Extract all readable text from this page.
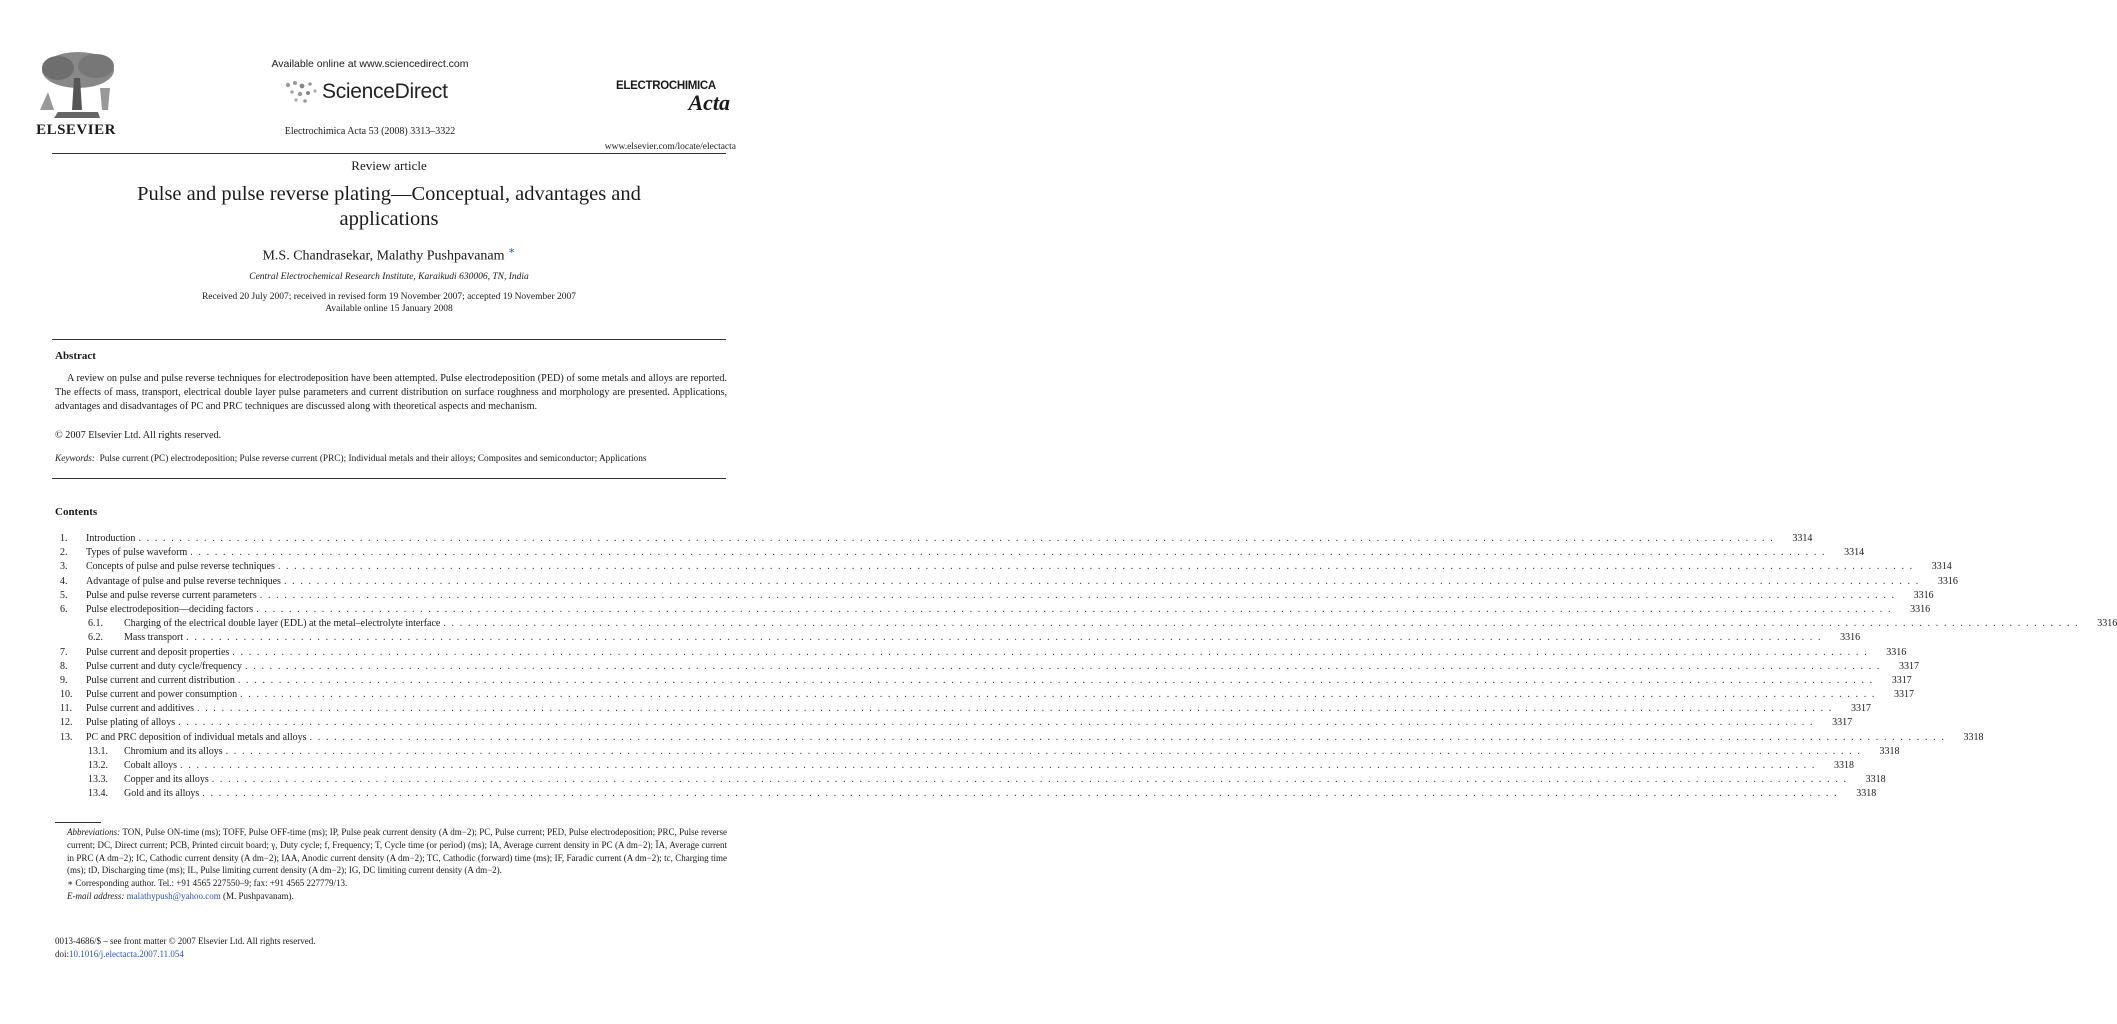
ELSEVIER
Available online at www.sciencedirect.com
ScienceDirect
Electrochimica Acta 53 (2008) 3313–3322
ELECTROCHIMICA
Acta
www.elsevier.com/locate/electacta
Review article
Pulse and pulse reverse plating—Conceptual, advantages and applications
M.S. Chandrasekar, Malathy Pushpavanam ∗
Central Electrochemical Research Institute, Karaikudi 630006, TN, India
Received 20 July 2007; received in revised form 19 November 2007; accepted 19 November 2007
Available online 15 January 2008
Abstract
A review on pulse and pulse reverse techniques for electrodeposition have been attempted. Pulse electrodeposition (PED) of some metals and alloys are reported. The effects of mass, transport, electrical double layer pulse parameters and current distribution on surface roughness and morphology are presented. Applications, advantages and disadvantages of PC and PRC techniques are discussed along with theoretical aspects and mechanism.
© 2007 Elsevier Ltd. All rights reserved.
Keywords: Pulse current (PC) electrodeposition; Pulse reverse current (PRC); Individual metals and their alloys; Composites and semiconductor; Applications
Contents
1.	Introduction . . . . . . . . . . . . . . . . . . . . . . . . . . . . . . . . . . . . . . . . . . . . . . . . . . . . . . . . . . . . . . . . . . . . . . . . . . . . . . . . . . . . . . . . . . . . . . . . . . . . . . . . . . . . . . . . . . . . . . . . . . . . . . . . . . . . . . . . . . . . . . . . . . . . . . . . . . . . . . . . . . . . . . . . . . . . . . . . . . . . . . . . . . . . . . . . . . . . . . . .	3314
2.	Types of pulse waveform . . . . . . . . . . . . . . . . . . . . . . . . . . . . . . . . . . . . . . . . . . . . . . . . . . . . . . . . . . . . . . . . . . . . . . . . . . . . . . . . . . . . . . . . . . . . . . . . . . . . . . . . . . . . . . . . . . . . . . . . . . . . . . . . . . . . . . . . . . . . . . . . . . . . . . . . . . . . . . . . . . . . . . . . . . . . . . . . . . . . . . . . . . . . . . . . . . . . . . . .	3314
3.	Concepts of pulse and pulse reverse techniques . . . . . . . . . . . . . . . . . . . . . . . . . . . . . . . . . . . . . . . . . . . . . . . . . . . . . . . . . . . . . . . . . . . . . . . . . . . . . . . . . . . . . . . . . . . . . . . . . . . . . . . . . . . . . . . . . . . . . . . . . . . . . . . . . . . . . . . . . . . . . . . . . . . . . . . . . . . . . . . . . . . . . . . . . . . . . . . . . . . . . . . . . . . . . . . . . . . . . . . .	3314
4.	Advantage of pulse and pulse reverse techniques . . . . . . . . . . . . . . . . . . . . . . . . . . . . . . . . . . . . . . . . . . . . . . . . . . . . . . . . . . . . . . . . . . . . . . . . . . . . . . . . . . . . . . . . . . . . . . . . . . . . . . . . . . . . . . . . . . . . . . . . . . . . . . . . . . . . . . . . . . . . . . . . . . . . . . . . . . . . . . . . . . . . . . . . . . . . . . . . . . . . . . . . . . . . . . . . . . . . . . . .	3316
5.	Pulse and pulse reverse current parameters . . . . . . . . . . . . . . . . . . . . . . . . . . . . . . . . . . . . . . . . . . . . . . . . . . . . . . . . . . . . . . . . . . . . . . . . . . . . . . . . . . . . . . . . . . . . . . . . . . . . . . . . . . . . . . . . . . . . . . . . . . . . . . . . . . . . . . . . . . . . . . . . . . . . . . . . . . . . . . . . . . . . . . . . . . . . . . . . . . . . . . . . . . . . . . . . . . . . . . . .	3316
6.	Pulse electrodeposition—deciding factors . . . . . . . . . . . . . . . . . . . . . . . . . . . . . . . . . . . . . . . . . . . . . . . . . . . . . . . . . . . . . . . . . . . . . . . . . . . . . . . . . . . . . . . . . . . . . . . . . . . . . . . . . . . . . . . . . . . . . . . . . . . . . . . . . . . . . . . . . . . . . . . . . . . . . . . . . . . . . . . . . . . . . . . . . . . . . . . . . . . . . . . . . . . . . . . . . . . . . . . .	3316
6.1.	Charging of the electrical double layer (EDL) at the metal–electrolyte interface . . . . . . . . . . . . . . . . . . . . . . . . . . . . . . . . . . . . . . . . . . . . . . . . . . . . . . . . . . . . . . . . . . . . . . . . . . . . . . . . . . . . . . . . . . . . . . . . . . . . . . . . . . . . . . . . . . . . . . . . . . . . . . . . . . . . . . . . . . . . . . . . . . . . . . . . . . . . . . . . . . . . . . . . . . . . . . . . . . . . . . . . . . . . . . . . . . . . . . . .	3316
6.2.	Mass transport . . . . . . . . . . . . . . . . . . . . . . . . . . . . . . . . . . . . . . . . . . . . . . . . . . . . . . . . . . . . . . . . . . . . . . . . . . . . . . . . . . . . . . . . . . . . . . . . . . . . . . . . . . . . . . . . . . . . . . . . . . . . . . . . . . . . . . . . . . . . . . . . . . . . . . . . . . . . . . . . . . . . . . . . . . . . . . . . . . . . . . . . . . . . . . . . . . . . . . . .	3316
7.	Pulse current and deposit properties . . . . . . . . . . . . . . . . . . . . . . . . . . . . . . . . . . . . . . . . . . . . . . . . . . . . . . . . . . . . . . . . . . . . . . . . . . . . . . . . . . . . . . . . . . . . . . . . . . . . . . . . . . . . . . . . . . . . . . . . . . . . . . . . . . . . . . . . . . . . . . . . . . . . . . . . . . . . . . . . . . . . . . . . . . . . . . . . . . . . . . . . . . . . . . . . . . . . . . . .	3316
8.	Pulse current and duty cycle/frequency . . . . . . . . . . . . . . . . . . . . . . . . . . . . . . . . . . . . . . . . . . . . . . . . . . . . . . . . . . . . . . . . . . . . . . . . . . . . . . . . . . . . . . . . . . . . . . . . . . . . . . . . . . . . . . . . . . . . . . . . . . . . . . . . . . . . . . . . . . . . . . . . . . . . . . . . . . . . . . . . . . . . . . . . . . . . . . . . . . . . . . . . . . . . . . . . . . . . . . . .	3317
9.	Pulse current and current distribution . . . . . . . . . . . . . . . . . . . . . . . . . . . . . . . . . . . . . . . . . . . . . . . . . . . . . . . . . . . . . . . . . . . . . . . . . . . . . . . . . . . . . . . . . . . . . . . . . . . . . . . . . . . . . . . . . . . . . . . . . . . . . . . . . . . . . . . . . . . . . . . . . . . . . . . . . . . . . . . . . . . . . . . . . . . . . . . . . . . . . . . . . . . . . . . . . . . . . . . .	3317
10.	Pulse current and power consumption . . . . . . . . . . . . . . . . . . . . . . . . . . . . . . . . . . . . . . . . . . . . . . . . . . . . . . . . . . . . . . . . . . . . . . . . . . . . . . . . . . . . . . . . . . . . . . . . . . . . . . . . . . . . . . . . . . . . . . . . . . . . . . . . . . . . . . . . . . . . . . . . . . . . . . . . . . . . . . . . . . . . . . . . . . . . . . . . . . . . . . . . . . . . . . . . . . . . . . . .	3317
11.	Pulse current and additives . . . . . . . . . . . . . . . . . . . . . . . . . . . . . . . . . . . . . . . . . . . . . . . . . . . . . . . . . . . . . . . . . . . . . . . . . . . . . . . . . . . . . . . . . . . . . . . . . . . . . . . . . . . . . . . . . . . . . . . . . . . . . . . . . . . . . . . . . . . . . . . . . . . . . . . . . . . . . . . . . . . . . . . . . . . . . . . . . . . . . . . . . . . . . . . . . . . . . . . .	3317
12.	Pulse plating of alloys . . . . . . . . . . . . . . . . . . . . . . . . . . . . . . . . . . . . . . . . . . . . . . . . . . . . . . . . . . . . . . . . . . . . . . . . . . . . . . . . . . . . . . . . . . . . . . . . . . . . . . . . . . . . . . . . . . . . . . . . . . . . . . . . . . . . . . . . . . . . . . . . . . . . . . . . . . . . . . . . . . . . . . . . . . . . . . . . . . . . . . . . . . . . . . . . . . . . . . . .	3317
13.	PC and PRC deposition of individual metals and alloys . . . . . . . . . . . . . . . . . . . . . . . . . . . . . . . . . . . . . . . . . . . . . . . . . . . . . . . . . . . . . . . . . . . . . . . . . . . . . . . . . . . . . . . . . . . . . . . . . . . . . . . . . . . . . . . . . . . . . . . . . . . . . . . . . . . . . . . . . . . . . . . . . . . . . . . . . . . . . . . . . . . . . . . . . . . . . . . . . . . . . . . . . . . . . . . . . . . . . . . .	3318
13.1.	Chromium and its alloys . . . . . . . . . . . . . . . . . . . . . . . . . . . . . . . . . . . . . . . . . . . . . . . . . . . . . . . . . . . . . . . . . . . . . . . . . . . . . . . . . . . . . . . . . . . . . . . . . . . . . . . . . . . . . . . . . . . . . . . . . . . . . . . . . . . . . . . . . . . . . . . . . . . . . . . . . . . . . . . . . . . . . . . . . . . . . . . . . . . . . . . . . . . . . . . . . . . . . . . .	3318
13.2.	Cobalt alloys . . . . . . . . . . . . . . . . . . . . . . . . . . . . . . . . . . . . . . . . . . . . . . . . . . . . . . . . . . . . . . . . . . . . . . . . . . . . . . . . . . . . . . . . . . . . . . . . . . . . . . . . . . . . . . . . . . . . . . . . . . . . . . . . . . . . . . . . . . . . . . . . . . . . . . . . . . . . . . . . . . . . . . . . . . . . . . . . . . . . . . . . . . . . . . . . . . . . . . . .	3318
13.3.	Copper and its alloys . . . . . . . . . . . . . . . . . . . . . . . . . . . . . . . . . . . . . . . . . . . . . . . . . . . . . . . . . . . . . . . . . . . . . . . . . . . . . . . . . . . . . . . . . . . . . . . . . . . . . . . . . . . . . . . . . . . . . . . . . . . . . . . . . . . . . . . . . . . . . . . . . . . . . . . . . . . . . . . . . . . . . . . . . . . . . . . . . . . . . . . . . . . . . . . . . . . . . . . .	3318
13.4.	Gold and its alloys . . . . . . . . . . . . . . . . . . . . . . . . . . . . . . . . . . . . . . . . . . . . . . . . . . . . . . . . . . . . . . . . . . . . . . . . . . . . . . . . . . . . . . . . . . . . . . . . . . . . . . . . . . . . . . . . . . . . . . . . . . . . . . . . . . . . . . . . . . . . . . . . . . . . . . . . . . . . . . . . . . . . . . . . . . . . . . . . . . . . . . . . . . . . . . . . . . . . . . . .	3318
Abbreviations: TON, Pulse ON-time (ms); TOFF, Pulse OFF-time (ms); IP, Pulse peak current density (A dm−2); PC, Pulse current; PED, Pulse electrodeposition; PRC, Pulse reverse current; DC, Direct current; PCB, Printed circuit board; γ, Duty cycle; f, Frequency; T, Cycle time (or period) (ms); IA, Average current density in PC (A dm−2); ĪA, Average current in PRC (A dm−2); IC, Cathodic current density (A dm−2); IAA, Anodic current density (A dm−2); TC, Cathodic (forward) time (ms); IF, Faradic current (A dm−2); tc, Charging time (ms); tD, Discharging time (ms); IL, Pulse limiting current density (A dm−2); IG, DC limiting current density (A dm−2).
∗ Corresponding author. Tel.: +91 4565 227550–9; fax: +91 4565 227779/13.
E-mail address: malathypush@yahoo.com (M. Pushpavanam).
0013-4686/$ – see front matter © 2007 Elsevier Ltd. All rights reserved.
doi:10.1016/j.electacta.2007.11.054
